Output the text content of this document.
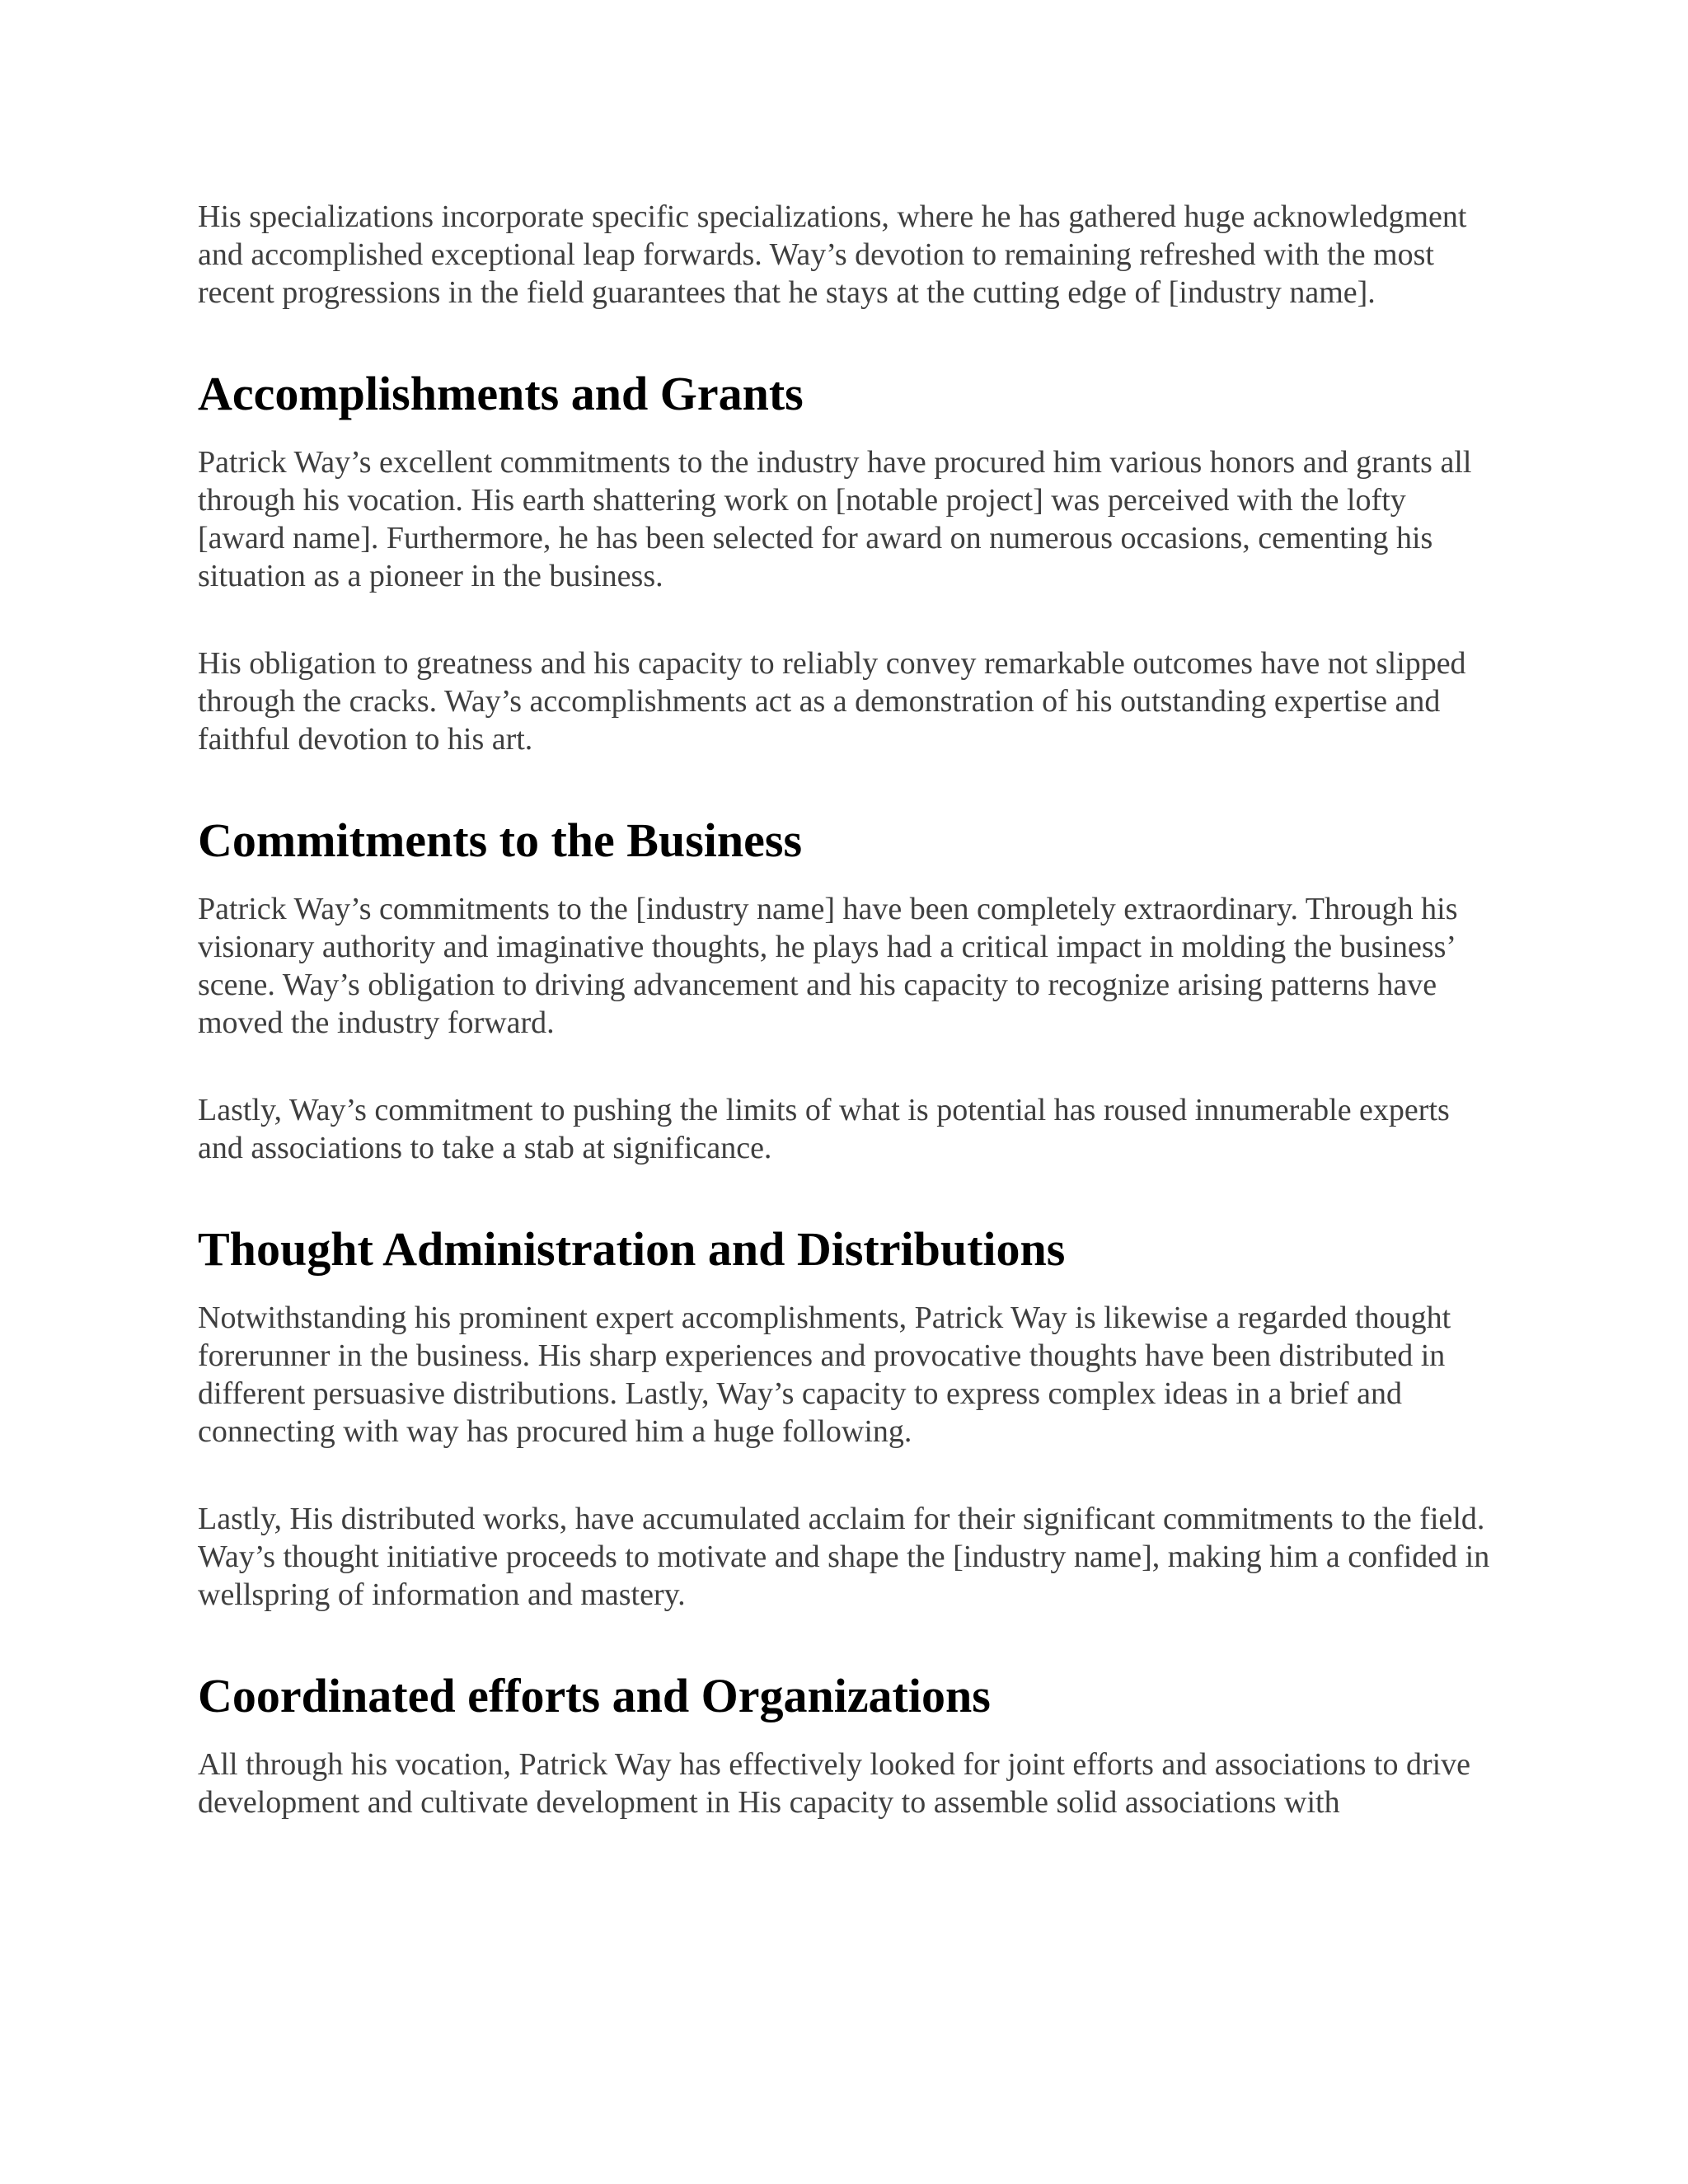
His specializations incorporate specific specializations, where he has gathered huge acknowledgment and accomplished exceptional leap forwards. Way’s devotion to remaining refreshed with the most recent progressions in the field guarantees that he stays at the cutting edge of [industry name].

Accomplishments and Grants

Patrick Way’s excellent commitments to the industry have procured him various honors and grants all through his vocation. His earth shattering work on [notable project] was perceived with the lofty [award name]. Furthermore, he has been selected for award on numerous occasions, cementing his situation as a pioneer in the business.

His obligation to greatness and his capacity to reliably convey remarkable outcomes have not slipped through the cracks. Way’s accomplishments act as a demonstration of his outstanding expertise and faithful devotion to his art.

Commitments to the Business

Patrick Way’s commitments to the [industry name] have been completely extraordinary. Through his visionary authority and imaginative thoughts, he plays had a critical impact in molding the business’ scene. Way’s obligation to driving advancement and his capacity to recognize arising patterns have moved the industry forward.

Lastly, Way’s commitment to pushing the limits of what is potential has roused innumerable experts and associations to take a stab at significance.

Thought Administration and Distributions

Notwithstanding his prominent expert accomplishments, Patrick Way is likewise a regarded thought forerunner in the business. His sharp experiences and provocative thoughts have been distributed in different persuasive distributions. Lastly, Way’s capacity to express complex ideas in a brief and connecting with way has procured him a huge following.

Lastly, His distributed works, have accumulated acclaim for their significant commitments to the field. Way’s thought initiative proceeds to motivate and shape the [industry name], making him a confided in wellspring of information and mastery.

Coordinated efforts and Organizations

All through his vocation, Patrick Way has effectively looked for joint efforts and associations to drive development and cultivate development in His capacity to assemble solid associations with
